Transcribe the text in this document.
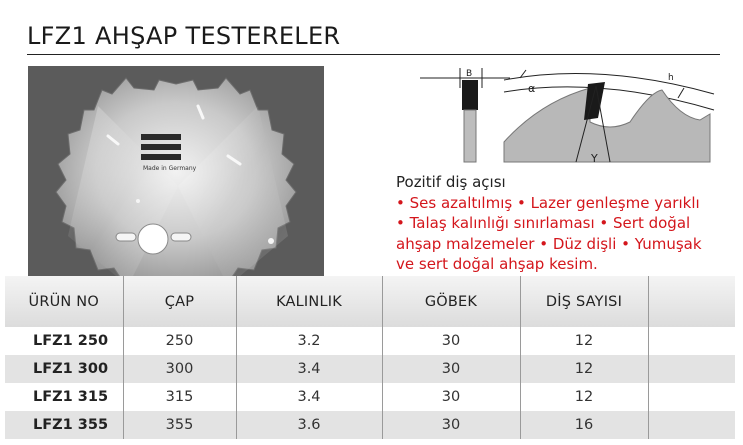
LFZ1 AHŞAP TESTERELER
Made in Germany
B
α
h
Y
Pozitif diş açısı
• Ses azaltılmış • Lazer genleşme yarıklı
• Talaş kalınlığı sınırlaması • Sert doğal
ahşap malzemeler • Düz dişli • Yumuşak
ve sert doğal ahşap kesim.
ÜRÜN NO	ÇAP	KALINLIK	GÖBEK	DİŞ SAYISI	
LFZ1 250	250	3.2	30	12	
LFZ1 300	300	3.4	30	12	
LFZ1 315	315	3.4	30	12	
LFZ1 355	355	3.6	30	16	
